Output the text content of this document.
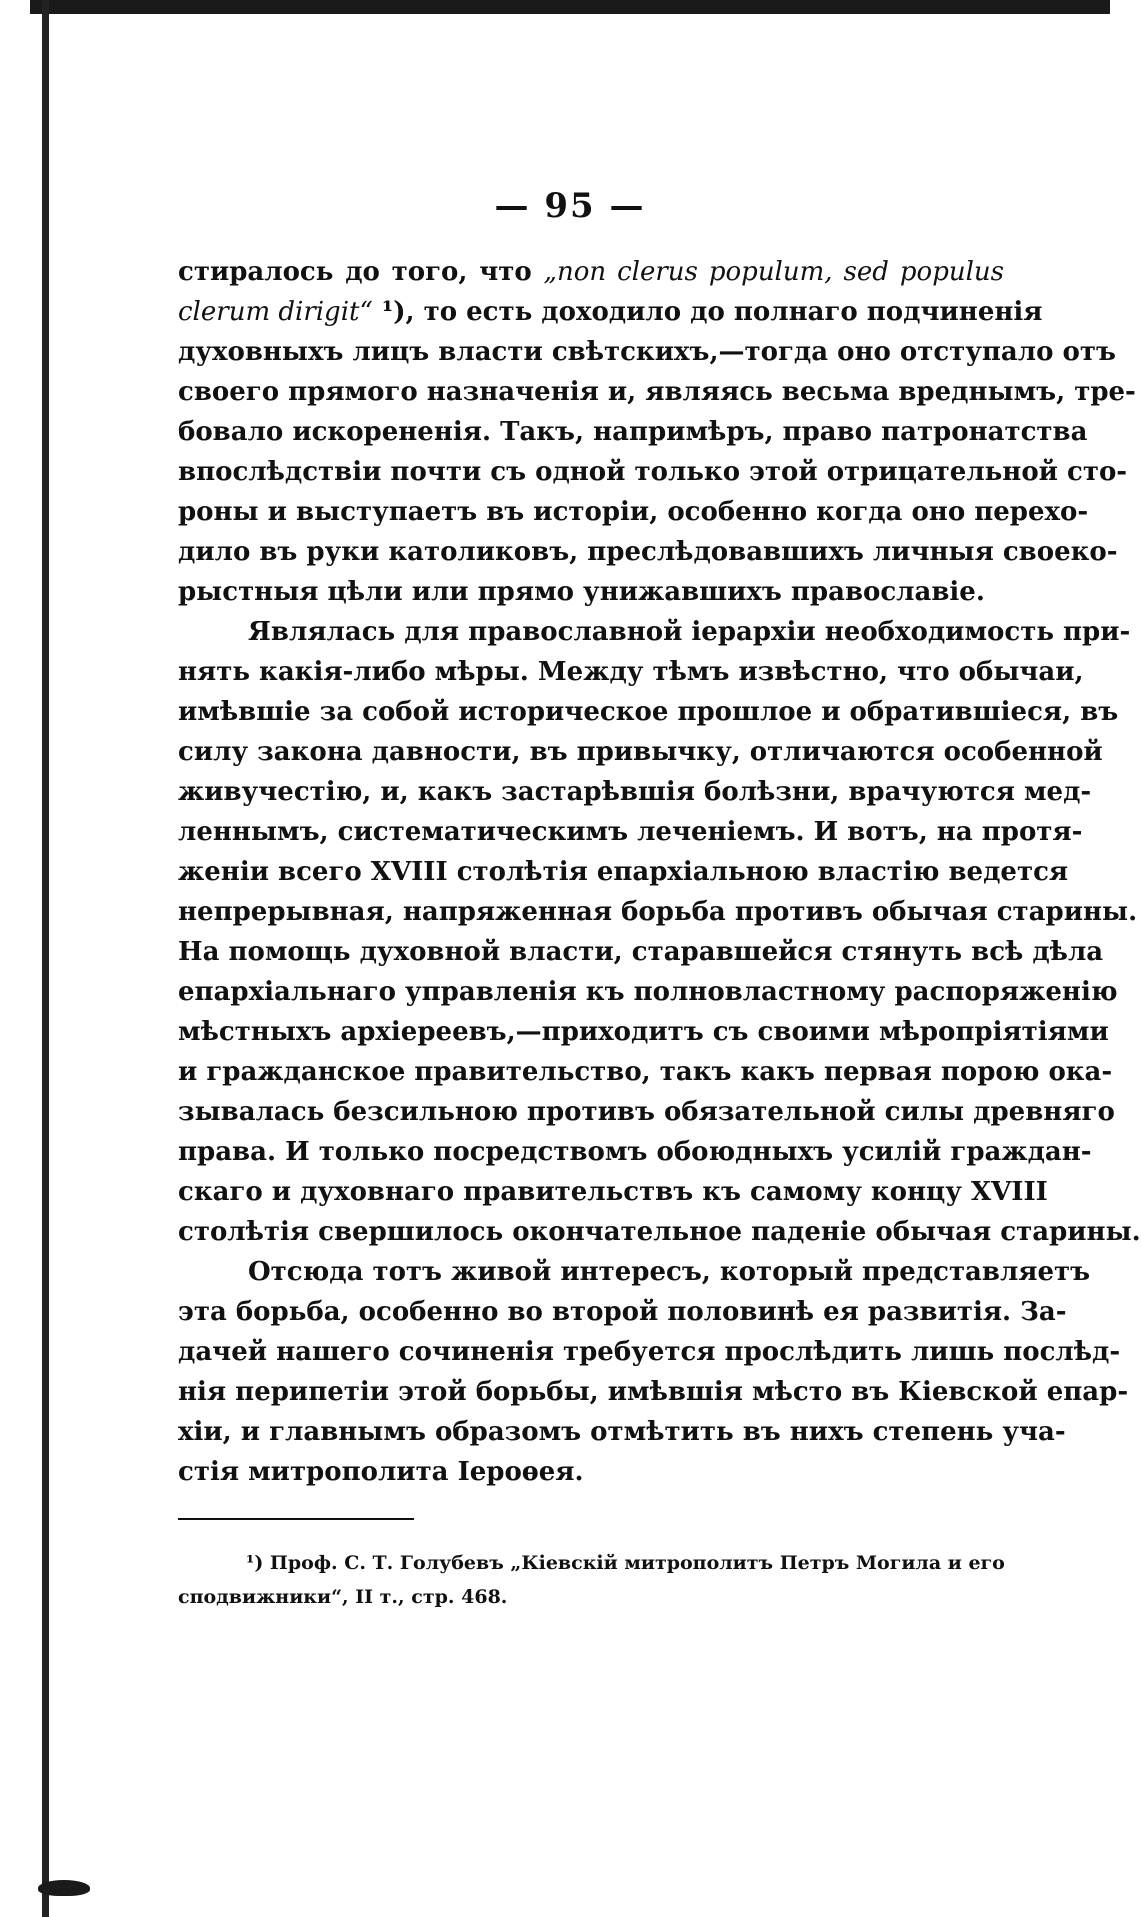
— 95 —
стиралось до того, что „non clerus populum, sed populus
clerum dirigit“ ¹), то есть доходило до полнаго подчиненія
духовныхъ лицъ власти свѣтскихъ,—тогда оно отступало отъ
своего прямого назначенія и, являясь весьма вреднымъ, тре-
бовало искорененія. Такъ, напримѣръ, право патронатства
впослѣдствіи почти съ одной только этой отрицательной сто-
роны и выступаетъ въ исторіи, особенно когда оно перехо-
дило въ руки католиковъ, преслѣдовавшихъ личныя своеко-
рыстныя цѣли или прямо унижавшихъ православіе.
Являлась для православной іерархіи необходимость при-
нять какія-либо мѣры. Между тѣмъ извѣстно, что обычаи,
имѣвшіе за собой историческое прошлое и обратившіеся, въ
силу закона давности, въ привычку, отличаются особенной
живучестію, и, какъ застарѣвшія болѣзни, врачуются мед-
леннымъ, систематическимъ леченіемъ. И вотъ, на протя-
женіи всего XVIII столѣтія епархіальною властію ведется
непрерывная, напряженная борьба противъ обычая старины.
На помощь духовной власти, старавшейся стянуть всѣ дѣла
епархіальнаго управленія къ полновластному распоряженію
мѣстныхъ архіереевъ,—приходитъ съ своими мѣропріятіями
и гражданское правительство, такъ какъ первая порою ока-
зывалась безсильною противъ обязательной силы древняго
права. И только посредствомъ обоюдныхъ усилій граждан-
скаго и духовнаго правительствъ къ самому концу XVIII
столѣтія свершилось окончательное паденіе обычая старины.
Отсюда тотъ живой интересъ, который представляетъ
эта борьба, особенно во второй половинѣ ея развитія. За-
дачей нашего сочиненія требуется прослѣдить лишь послѣд-
нія перипетіи этой борьбы, имѣвшія мѣсто въ Кіевской епар-
хіи, и главнымъ образомъ отмѣтить въ нихъ степень уча-
стія митрополита Іероѳея.
¹) Проф. С. Т. Голубевъ „Кіевскій митрополитъ Петръ Могила и его
сподвижники“, II т., стр. 468.
